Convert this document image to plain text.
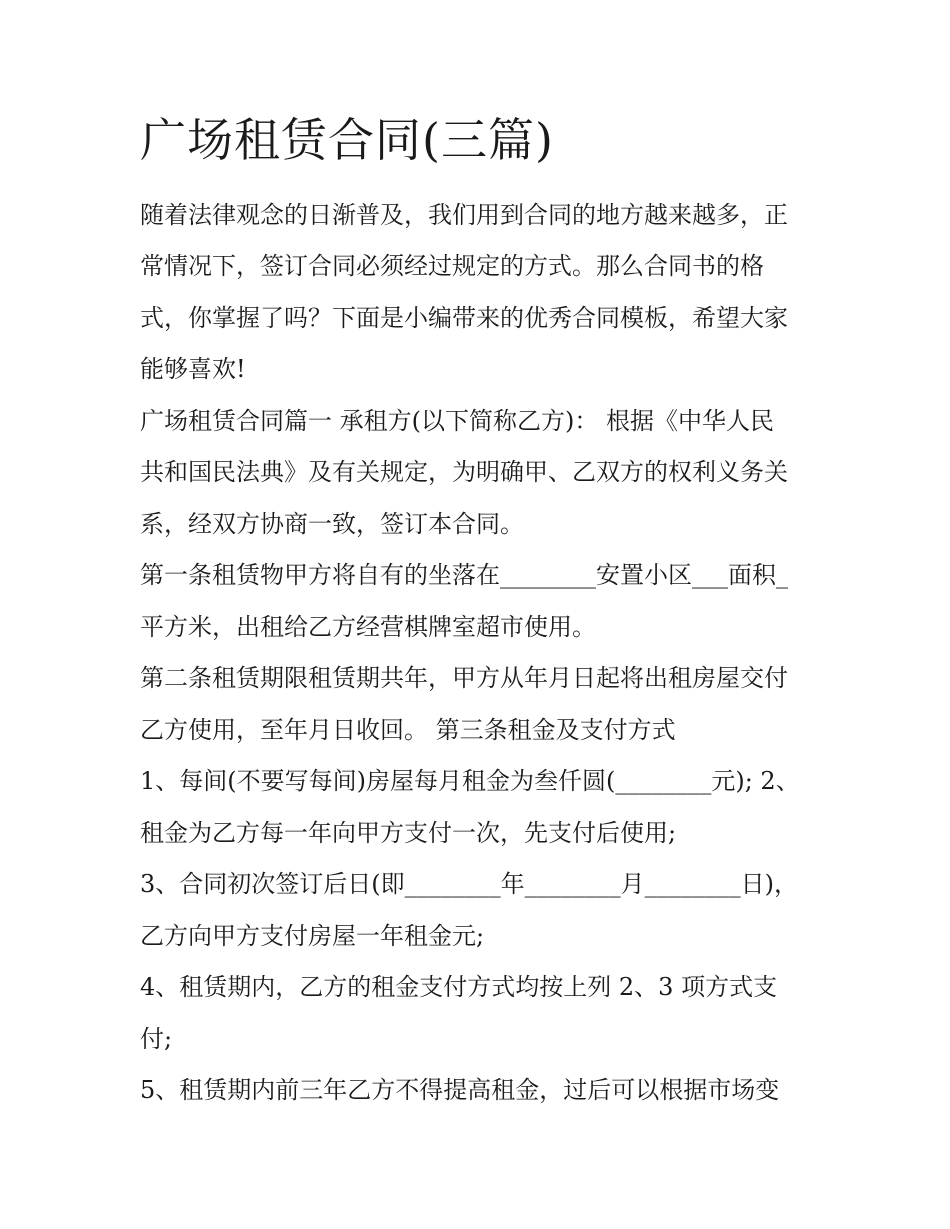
广场租赁合同(三篇)

随着法律观念的日渐普及，我们用到合同的地方越来越多，正
常情况下，签订合同必须经过规定的方式。那么合同书的格
式，你掌握了吗？下面是小编带来的优秀合同模板，希望大家
能够喜欢!

广场租赁合同篇一 承租方(以下简称乙方)： 根据《中华人民
共和国民法典》及有关规定，为明确甲、乙双方的权利义务关
系，经双方协商一致，签订本合同。

第一条租赁物甲方将自有的坐落在________安置小区___面积_
平方米，出租给乙方经营棋牌室超市使用。

第二条租赁期限租赁期共年，甲方从年月日起将出租房屋交付
乙方使用，至年月日收回。 第三条租金及支付方式

1、每间(不要写每间)房屋每月租金为叁仟圆(________元); 2、
租金为乙方每一年向甲方支付一次，先支付后使用;

3、合同初次签订后日(即________年________月________日)，
乙方向甲方支付房屋一年租金元;

4、租赁期内，乙方的租金支付方式均按上列 2、3 项方式支
付;

5、租赁期内前三年乙方不得提高租金，过后可以根据市场变
